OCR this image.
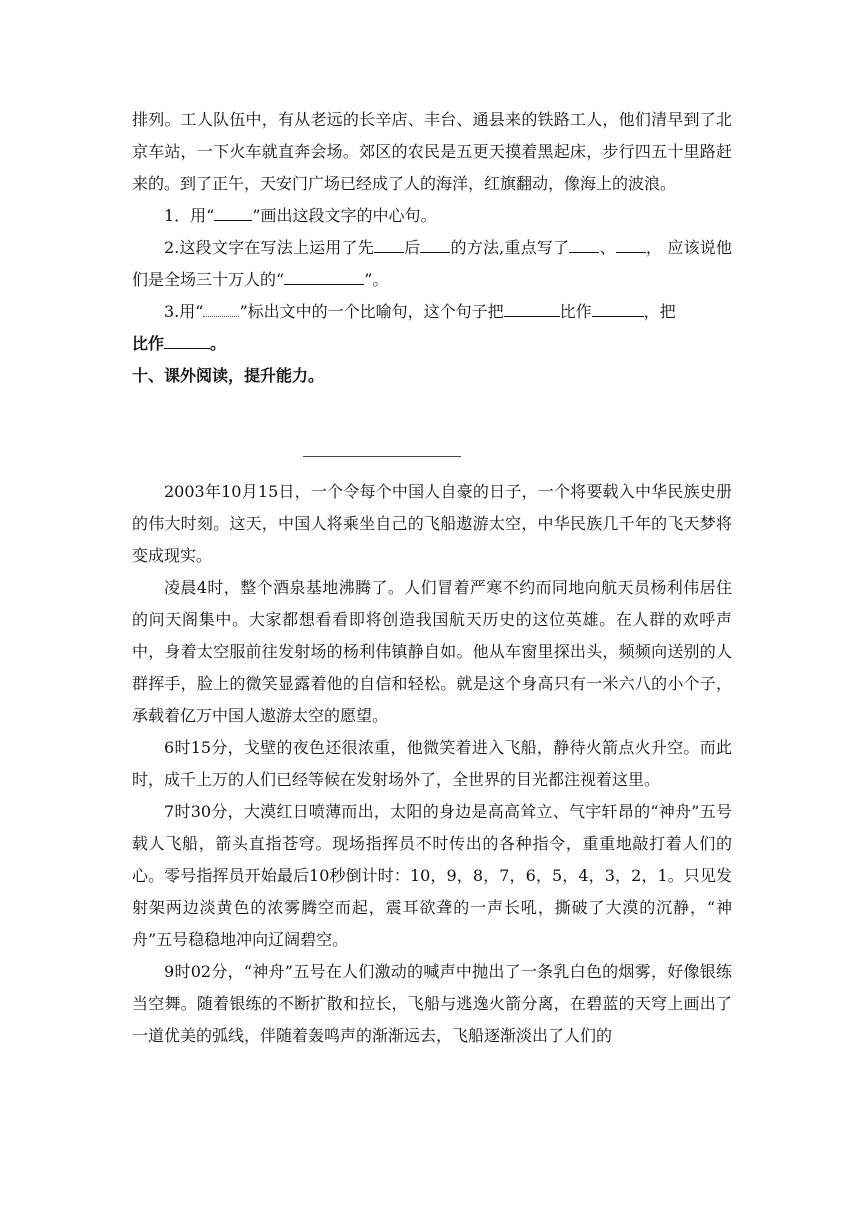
排列。工人队伍中，有从老远的长辛店、丰台、通县来的铁路工人，他们清早到了北京车站，一下火车就直奔会场。郊区的农民是五更天摸着黑起床，步行四五十里路赶来的。到了正午，天安门广场已经成了人的海洋，红旗翻动，像海上的波浪。

1．用“ ”画出这段文字的中心句。

2.这段文字在写法上运用了先 后 的方法,重点写了 、 ， 应该说他们是全场三十万人的“	”。

3.用“ ”标出文中的一个比喻句，这个句子把	比作	，把
比作	。

十、课外阅读，提升能力。

2003年10月15日，一个令每个中国人自豪的日子，一个将要载入中华民族史册的伟大时刻。这天，中国人将乘坐自己的飞船遨游太空，中华民族几千年的飞天梦将变成现实。

凌晨4时，整个酒泉基地沸腾了。人们冒着严寒不约而同地向航天员杨利伟居住的问天阁集中。大家都想看看即将创造我国航天历史的这位英雄。在人群的欢呼声中，身着太空服前往发射场的杨利伟镇静自如。他从车窗里探出头，频频向送别的人群挥手，脸上的微笑显露着他的自信和轻松。就是这个身高只有一米六八的小个子，承载着亿万中国人遨游太空的愿望。

6时15分，戈壁的夜色还很浓重，他微笑着进入飞船，静待火箭点火升空。而此时，成千上万的人们已经等候在发射场外了，全世界的目光都注视着这里。

7时30分，大漠红日喷薄而出，太阳的身边是高高耸立、气宇轩昂的“神舟”五号载人飞船，箭头直指苍穹。现场指挥员不时传出的各种指令，重重地敲打着人们的心。零号指挥员开始最后10秒倒计时：10，9，8，7，6，5，4，3，2，1。只见发射架两边淡黄色的浓雾腾空而起，震耳欲聋的一声长吼，撕破了大漠的沉静，“神舟”五号稳稳地冲向辽阔碧空。

9时02分，“神舟”五号在人们激动的喊声中抛出了一条乳白色的烟雾，好像银练当空舞。随着银练的不断扩散和拉长，飞船与逃逸火箭分离，在碧蓝的天穹上画出了一道优美的弧线，伴随着轰鸣声的渐渐远去，飞船逐渐淡出了人们的
